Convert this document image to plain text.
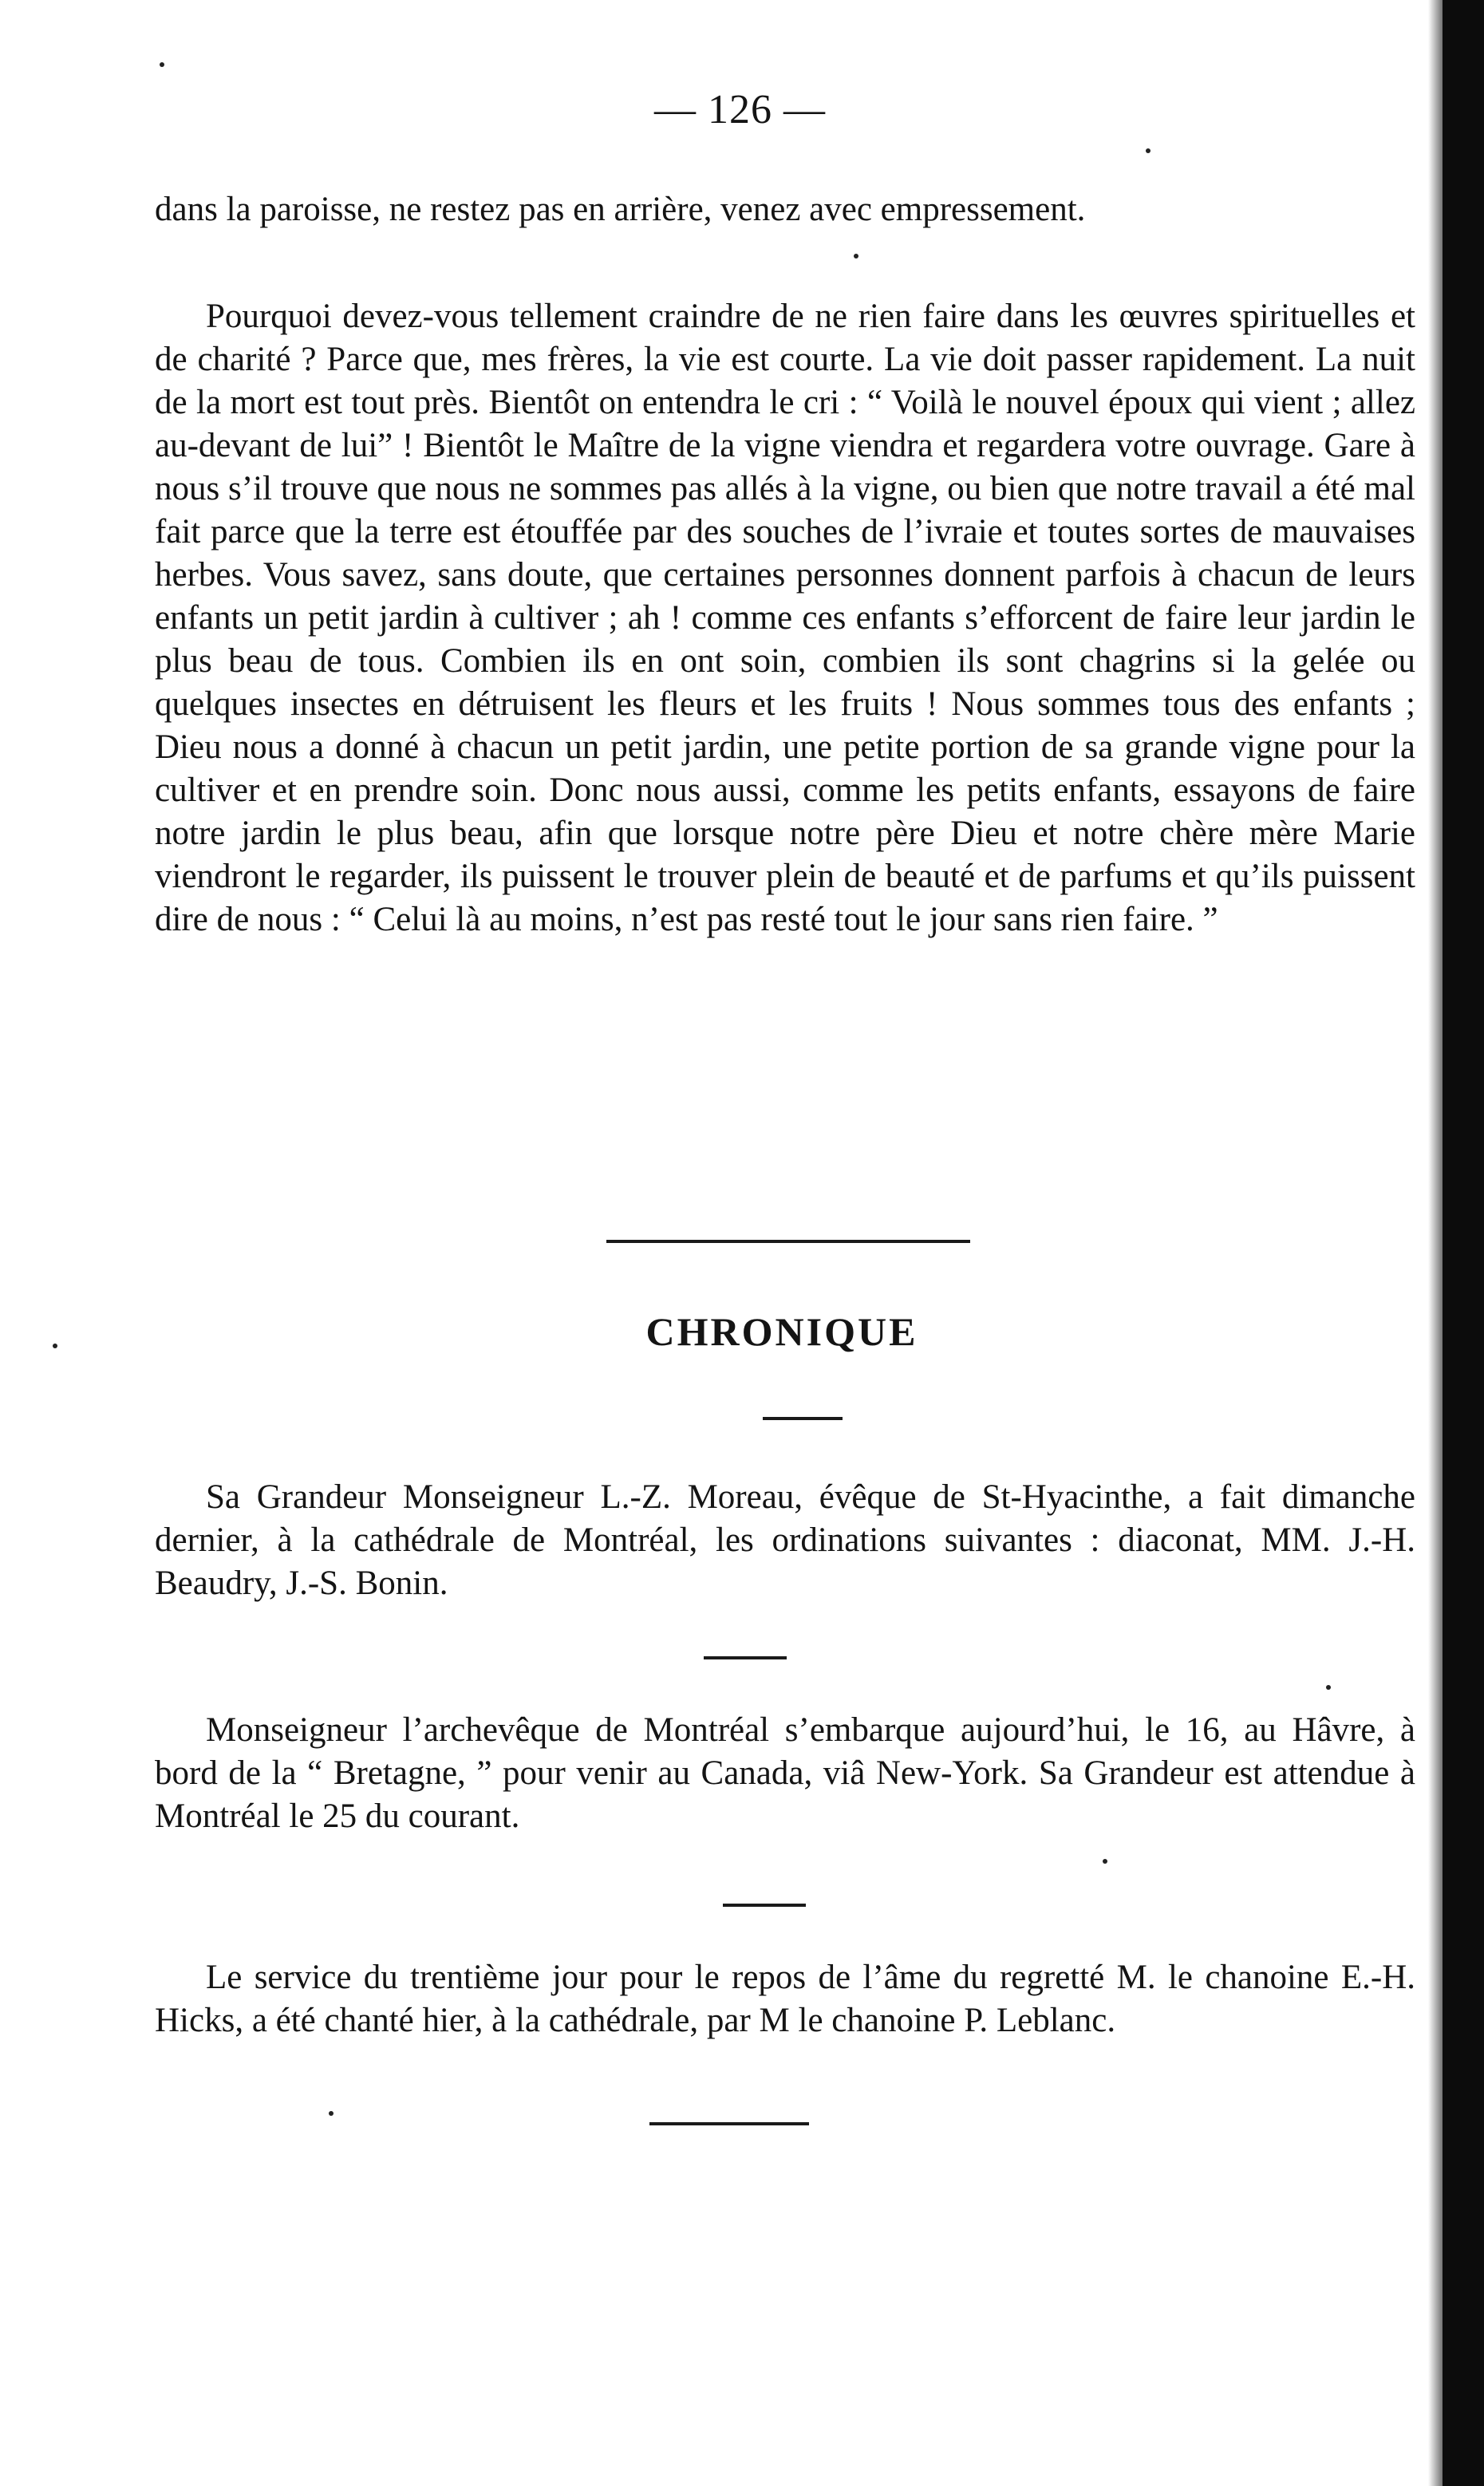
— 126 —

dans la paroisse, ne restez pas en arrière, venez avec empressement.

Pourquoi devez-vous tellement craindre de ne rien faire dans les œuvres spirituelles et de charité ? Parce que, mes frères, la vie est courte. La vie doit passer rapidement. La nuit de la mort est tout près. Bientôt on entendra le cri : “ Voilà le nouvel époux qui vient ; allez au-devant de lui” ! Bientôt le Maître de la vigne viendra et regardera votre ouvrage. Gare à nous s’il trouve que nous ne sommes pas allés à la vigne, ou bien que notre travail a été mal fait parce que la terre est étouffée par des souches de l’ivraie et toutes sortes de mauvaises herbes. Vous savez, sans doute, que certaines personnes donnent parfois à chacun de leurs enfants un petit jardin à cultiver ; ah ! comme ces enfants s’efforcent de faire leur jardin le plus beau de tous. Combien ils en ont soin, combien ils sont chagrins si la gelée ou quelques insectes en détruisent les fleurs et les fruits ! Nous sommes tous des enfants ; Dieu nous a donné à chacun un petit jardin, une petite portion de sa grande vigne pour la cultiver et en prendre soin. Donc nous aussi, comme les petits enfants, essayons de faire notre jardin le plus beau, afin que lorsque notre père Dieu et notre chère mère Marie viendront le regarder, ils puissent le trouver plein de beauté et de parfums et qu’ils puissent dire de nous : “ Celui là au moins, n’est pas resté tout le jour sans rien faire. ”

CHRONIQUE

Sa Grandeur Monseigneur L.-Z. Moreau, évêque de St-Hyacinthe, a fait dimanche dernier, à la cathédrale de Montréal, les ordinations suivantes : diaconat, MM. J.-H. Beaudry, J.-S. Bonin.

Monseigneur l’archevêque de Montréal s’embarque aujourd’hui, le 16, au Hâvre, à bord de la “ Bretagne, ” pour venir au Canada, viâ New-York. Sa Grandeur est attendue à Montréal le 25 du courant.

Le service du trentième jour pour le repos de l’âme du regretté M. le chanoine E.-H. Hicks, a été chanté hier, à la cathédrale, par M le chanoine P. Leblanc.
